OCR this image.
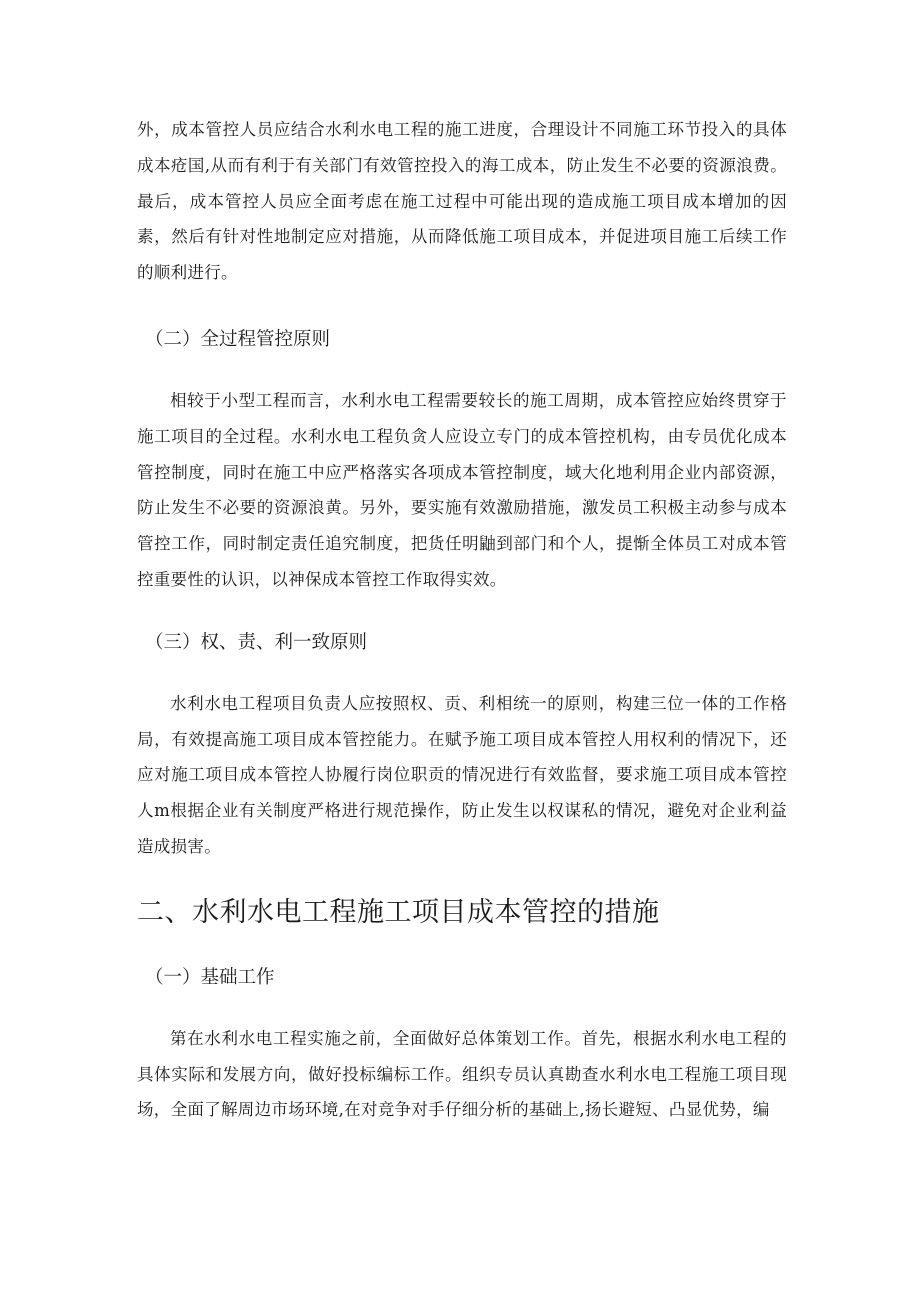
外，成本管控人员应结合水利水电工程的施工进度，合理设计不同施工环节投入的具体成本疮国,从而有利于有关部门有效管控投入的海工成本，防止发生不必要的资源浪费。最后，成本管控人员应全面考虑在施工过程中可能出现的造成施工项目成本增加的因素，然后有针对性地制定应对措施，从而降低施工项目成本，并促进项目施工后续工作的顺利进行。

（二）全过程管控原则

相较于小型工程而言，水利水电工程需要较长的施工周期，成本管控应始终贯穿于施工项目的全过程。水利水电工程负贪人应设立专门的成本管控机构，由专员优化成本管控制度，同时在施工中应严格落实各项成本管控制度，域大化地利用企业内部资源，防止发生不必要的资源浪黄。另外，要实施有效激励措施，激发员工积极主动参与成本管控工作，同时制定责任追究制度，把货任明鼬到部门和个人，提惭全体员工对成本管控重要性的认识，以神保成本管控工作取得实效。

（三）权、责、利一致原则

水利水电工程项目负责人应按照权、贡、利相统一的原则，构建三位一体的工作格局，有效提高施工项目成本管控能力。在赋予施工项目成本管控人用权利的情况下，还应对施工项目成本管控人协履行岗位职贡的情况进行有效监督，要求施工项目成本管控人m根据企业有关制度严格进行规范操作，防止发生以权谋私的情况，避免对企业利益造成损害。

二、水利水电工程施工项目成本管控的措施
（一）基础工作

第在水利水电工程实施之前，全面做好总体策划工作。首先，根据水利水电工程的具体实际和发展方向，做好投标编标工作。组织专员认真勘查水利水电工程施工项目现场，全面了解周边市场环境,在对竞争对手仔细分析的基础上,扬长避短、凸显优势，编
